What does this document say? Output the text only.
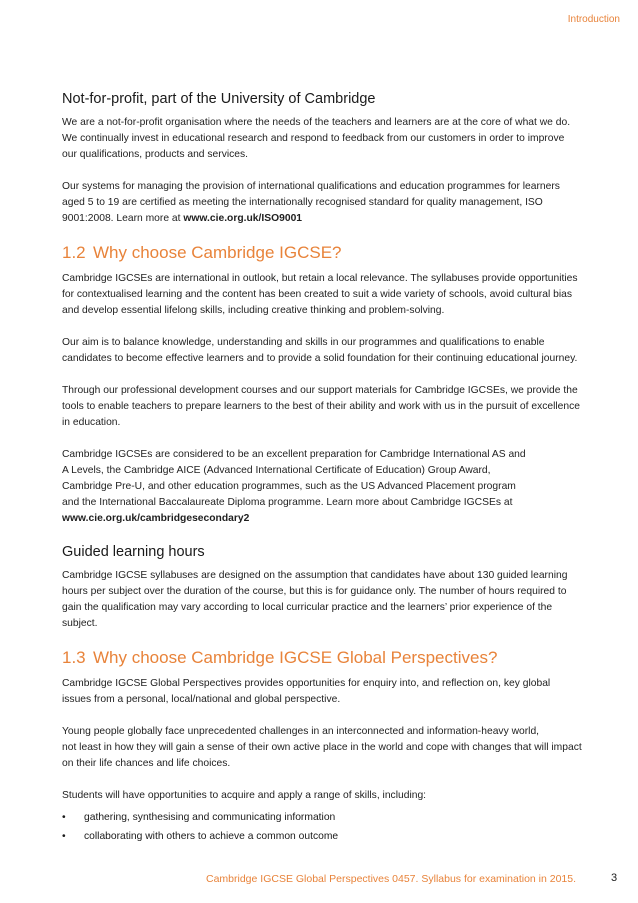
Introduction
Not-for-profit, part of the University of Cambridge

We are a not-for-profit organisation where the needs of the teachers and learners are at the core of what we do. We continually invest in educational research and respond to feedback from our customers in order to improve our qualifications, products and services.

Our systems for managing the provision of international qualifications and education programmes for learners aged 5 to 19 are certified as meeting the internationally recognised standard for quality management, ISO 9001:2008. Learn more at www.cie.org.uk/ISO9001

1.2 Why choose Cambridge IGCSE?

Cambridge IGCSEs are international in outlook, but retain a local relevance. The syllabuses provide opportunities for contextualised learning and the content has been created to suit a wide variety of schools, avoid cultural bias and develop essential lifelong skills, including creative thinking and problem-solving.

Our aim is to balance knowledge, understanding and skills in our programmes and qualifications to enable candidates to become effective learners and to provide a solid foundation for their continuing educational journey.

Through our professional development courses and our support materials for Cambridge IGCSEs, we provide the tools to enable teachers to prepare learners to the best of their ability and work with us in the pursuit of excellence in education.

Cambridge IGCSEs are considered to be an excellent preparation for Cambridge International AS and
A Levels, the Cambridge AICE (Advanced International Certificate of Education) Group Award,
Cambridge Pre-U, and other education programmes, such as the US Advanced Placement program
and the International Baccalaureate Diploma programme. Learn more about Cambridge IGCSEs at
www.cie.org.uk/cambridgesecondary2

Guided learning hours

Cambridge IGCSE syllabuses are designed on the assumption that candidates have about 130 guided learning hours per subject over the duration of the course, but this is for guidance only. The number of hours required to gain the qualification may vary according to local curricular practice and the learners’ prior experience of the subject.

1.3 Why choose Cambridge IGCSE Global Perspectives?

Cambridge IGCSE Global Perspectives provides opportunities for enquiry into, and reflection on, key global issues from a personal, local/national and global perspective.

Young people globally face unprecedented challenges in an interconnected and information-heavy world,
not least in how they will gain a sense of their own active place in the world and cope with changes that will impact on their life chances and life choices.

Students will have opportunities to acquire and apply a range of skills, including:

• gathering, synthesising and communicating information
• collaborating with others to achieve a common outcome
Cambridge IGCSE Global Perspectives 0457. Syllabus for examination in 2015.	3
